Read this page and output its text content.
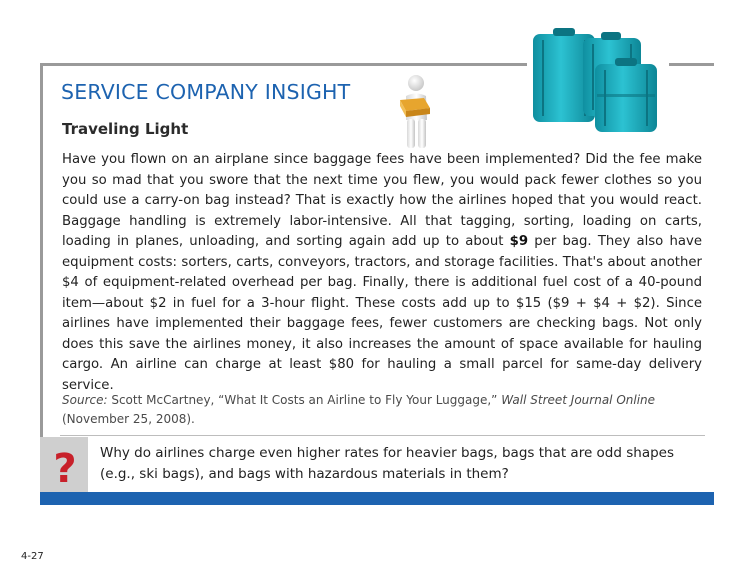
SERVICE COMPANY INSIGHT
Traveling Light

Have you flown on an airplane since baggage fees have been implemented? Did the fee make you so mad that you swore that the next time you flew, you would pack fewer clothes so you could use a carry-on bag instead? That is exactly how the airlines hoped that you would react. Baggage handling is extremely labor-intensive. All that tagging, sorting, loading on carts, loading in planes, unloading, and sorting again add up to about $9 per bag. They also have equipment costs: sorters, carts, conveyors, tractors, and storage facilities. That's about another $4 of equipment-related overhead per bag. Finally, there is additional fuel cost of a 40-pound item—about $2 in fuel for a 3-hour flight. These costs add up to $15 ($9 + $4 + $2). Since airlines have implemented their baggage fees, fewer customers are checking bags. Not only does this save the airlines money, it also increases the amount of space available for hauling cargo. An airline can charge at least $80 for hauling a small parcel for same-day delivery service.

Source: Scott McCartney, “What It Costs an Airline to Fly Your Luggage,” Wall Street Journal Online (November 25, 2008).

? Why do airlines charge even higher rates for heavier bags, bags that are odd shapes (e.g., ski bags), and bags with hazardous materials in them?

4-27
